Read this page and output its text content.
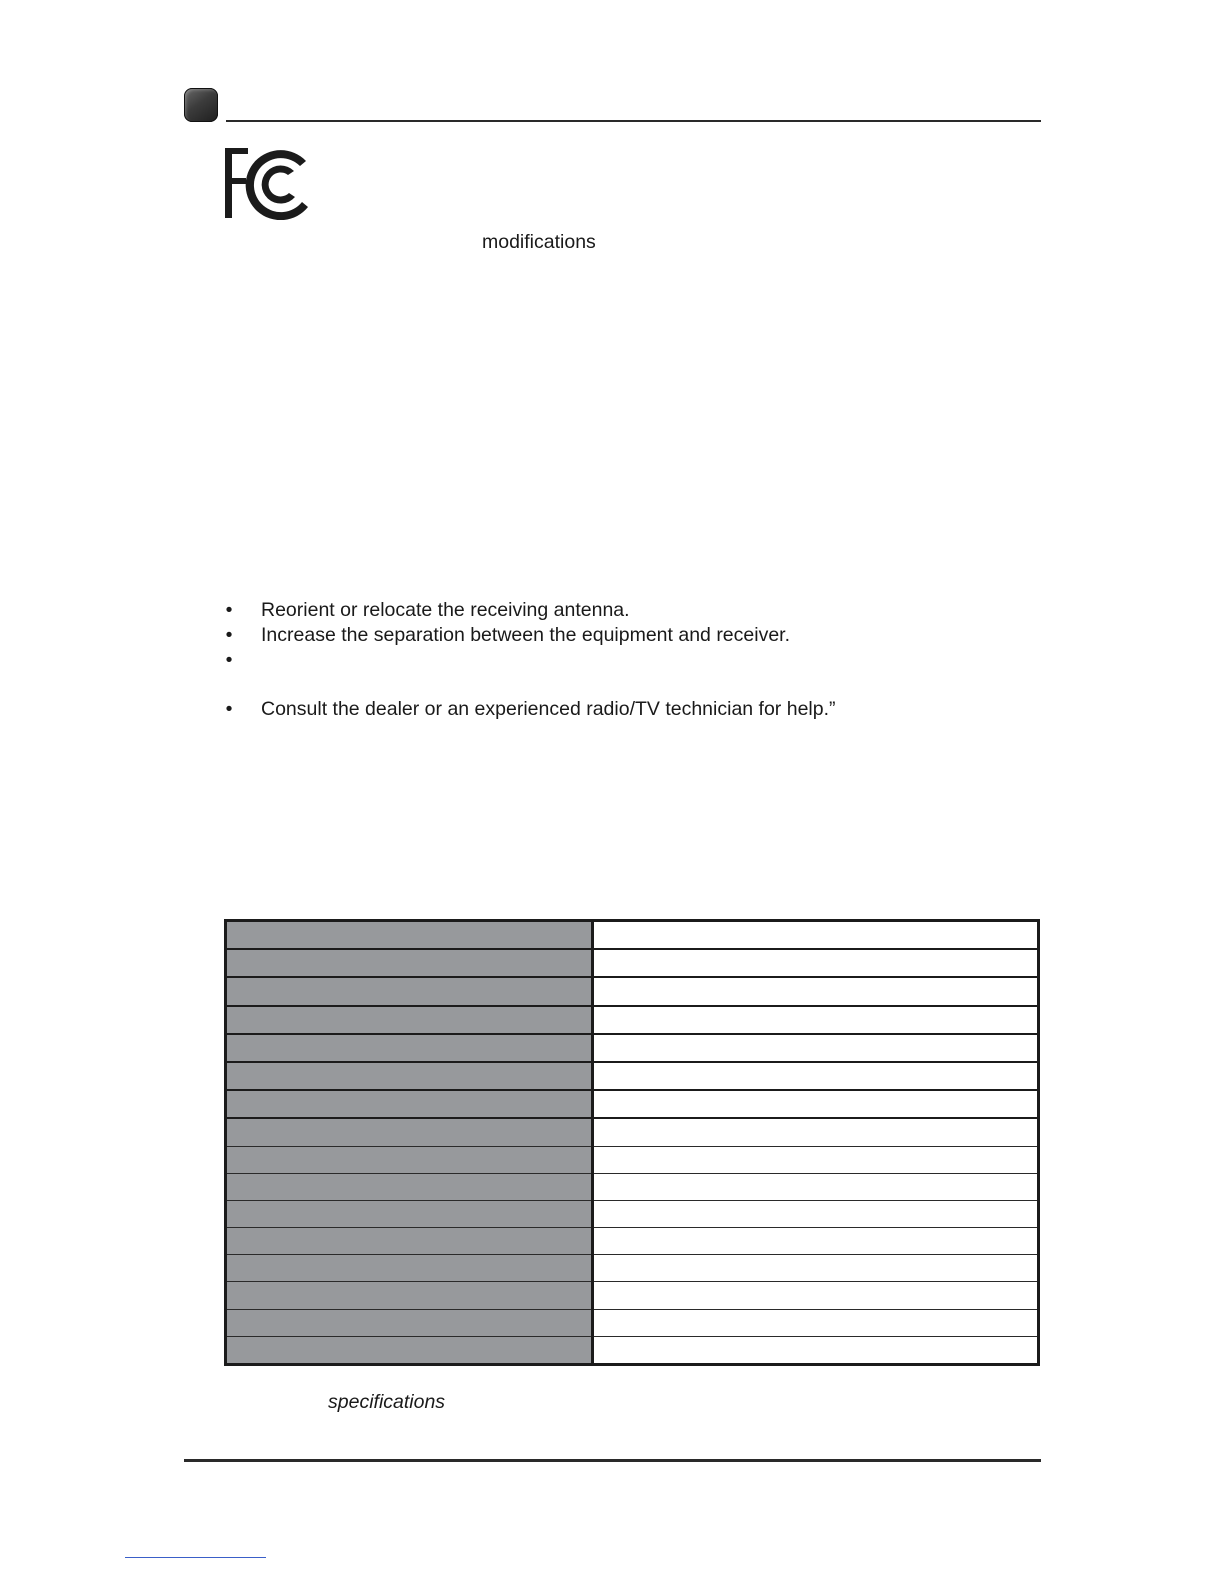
modifications
• Reorient or relocate the receiving antenna.
• Increase the separation between the equipment and receiver.
•
• Consult the dealer or an experienced radio/TV technician for help.”

specifications
